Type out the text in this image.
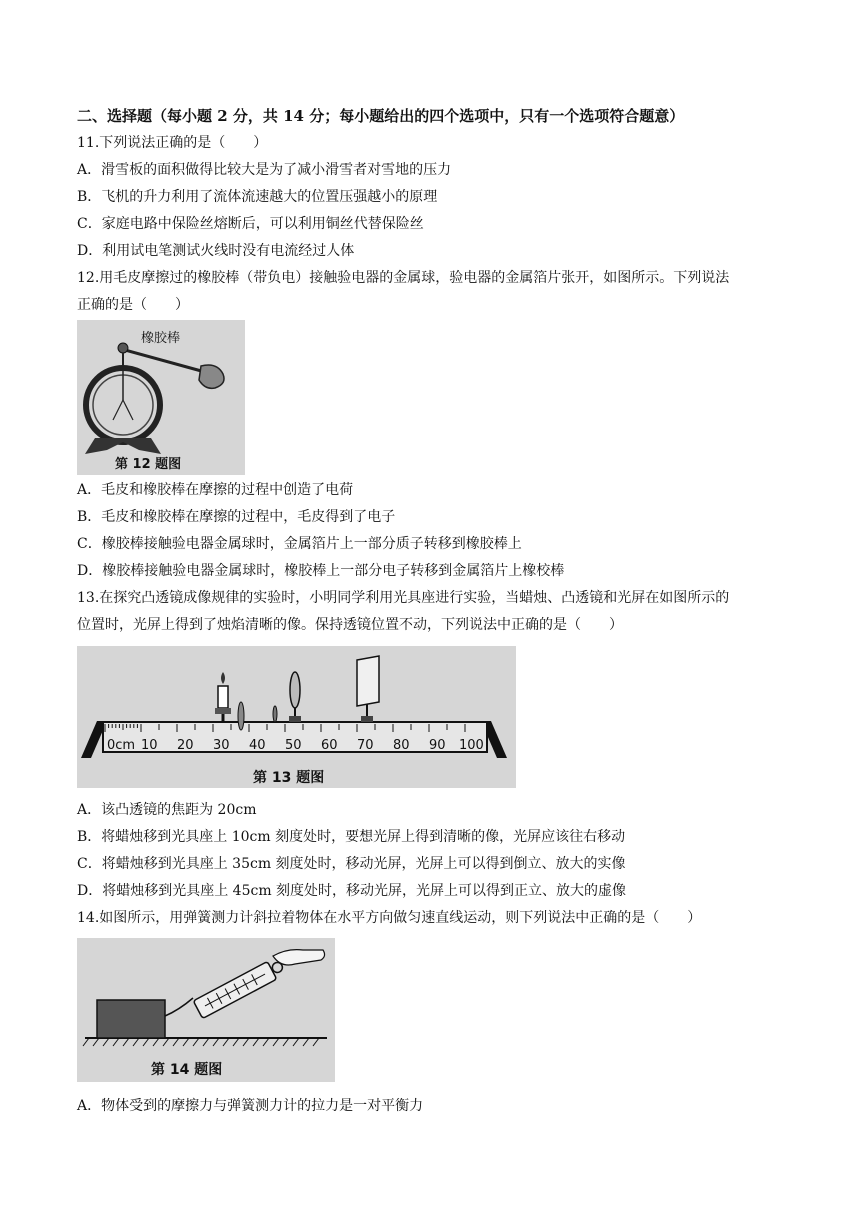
二、选择题（每小题 2 分，共 14 分；每小题给出的四个选项中，只有一个选项符合题意）
11.下列说法正确的是（　　）
A．滑雪板的面积做得比较大是为了减小滑雪者对雪地的压力
B．飞机的升力利用了流体流速越大的位置压强越小的原理
C．家庭电路中保险丝熔断后，可以利用铜丝代替保险丝
D．利用试电笔测试火线时没有电流经过人体
12.用毛皮摩擦过的橡胶棒（带负电）接触验电器的金属球，验电器的金属箔片张开，如图所示。下列说法
正确的是（　　）
橡胶棒
第 12 题图
A．毛皮和橡胶棒在摩擦的过程中创造了电荷
B．毛皮和橡胶棒在摩擦的过程中，毛皮得到了电子
C．橡胶棒接触验电器金属球时，金属箔片上一部分质子转移到橡胶棒上
D．橡胶棒接触验电器金属球时，橡胶棒上一部分电子转移到金属箔片上橡校棒
13.在探究凸透镜成像规律的实验时，小明同学利用光具座进行实验，当蜡烛、凸透镜和光屏在如图所示的
位置时，光屏上得到了烛焰清晰的像。保持透镜位置不动，下列说法中正确的是（　　）
0cm 10 20 30 40 50 60 70 80 90 100
第 13 题图
A．该凸透镜的焦距为 20cm
B．将蜡烛移到光具座上 10cm 刻度处时，要想光屏上得到清晰的像，光屏应该往右移动
C．将蜡烛移到光具座上 35cm 刻度处时，移动光屏，光屏上可以得到倒立、放大的实像
D．将蜡烛移到光具座上 45cm 刻度处时，移动光屏，光屏上可以得到正立、放大的虚像
14.如图所示，用弹簧测力计斜拉着物体在水平方向做匀速直线运动，则下列说法中正确的是（　　）
第 14 题图
A．物体受到的摩擦力与弹簧测力计的拉力是一对平衡力
